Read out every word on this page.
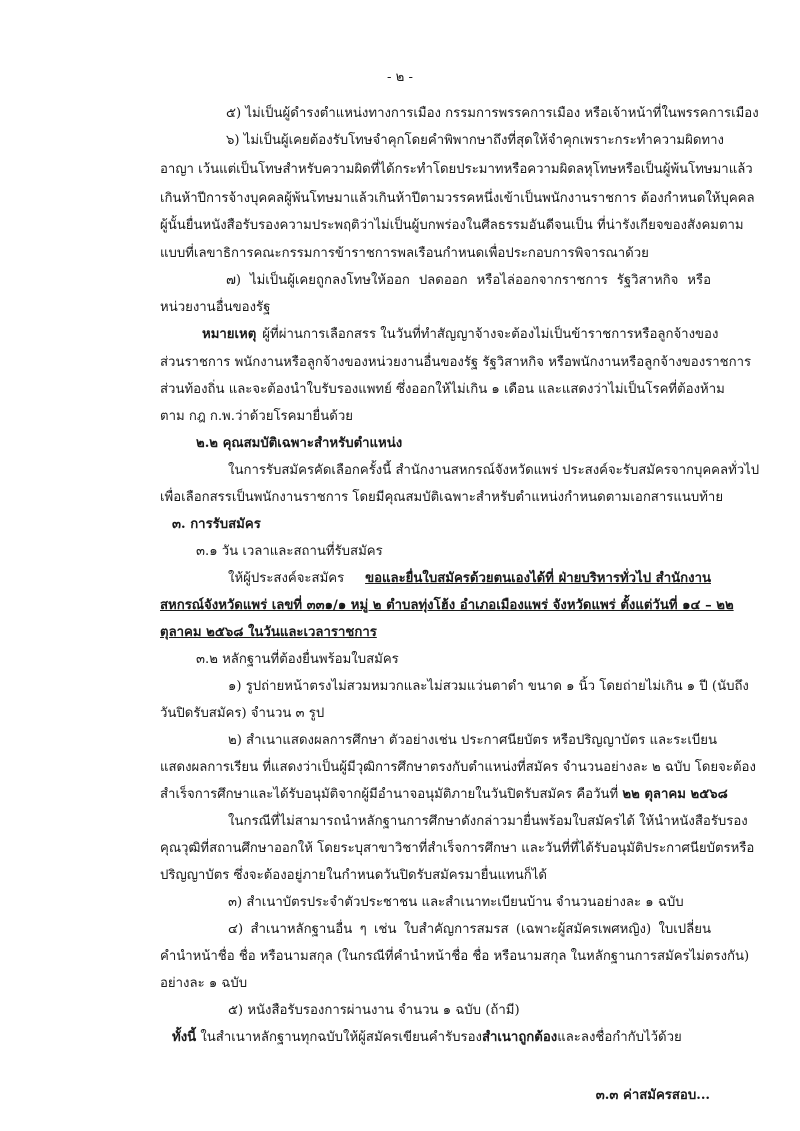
- ๒ -
๕) ไม่เป็นผู้ดำรงตำแหน่งทางการเมือง กรรมการพรรคการเมือง หรือเจ้าหน้าที่ในพรรคการเมือง
๖) ไม่เป็นผู้เคยต้องรับโทษจำคุกโดยคำพิพากษาถึงที่สุดให้จำคุกเพราะกระทำความผิดทาง
อาญา เว้นแต่เป็นโทษสำหรับความผิดที่ได้กระทำโดยประมาทหรือความผิดลหุโทษหรือเป็นผู้พ้นโทษมาแล้ว
เกินห้าปีการจ้างบุคคลผู้พ้นโทษมาแล้วเกินห้าปีตามวรรคหนึ่งเข้าเป็นพนักงานราชการ ต้องกำหนดให้บุคคล
ผู้นั้นยื่นหนังสือรับรองความประพฤติว่าไม่เป็นผู้บกพร่องในศีลธรรมอันดีจนเป็น ที่น่ารังเกียจของสังคมตาม
แบบที่เลขาธิการคณะกรรมการข้าราชการพลเรือนกำหนดเพื่อประกอบการพิจารณาด้วย
๗) ไม่เป็นผู้เคยถูกลงโทษให้ออก ปลดออก หรือไล่ออกจากราชการ รัฐวิสาหกิจ หรือ
หน่วยงานอื่นของรัฐ
หมายเหตุ ผู้ที่ผ่านการเลือกสรร ในวันที่ทำสัญญาจ้างจะต้องไม่เป็นข้าราชการหรือลูกจ้างของ
ส่วนราชการ พนักงานหรือลูกจ้างของหน่วยงานอื่นของรัฐ รัฐวิสาหกิจ หรือพนักงานหรือลูกจ้างของราชการ
ส่วนท้องถิ่น และจะต้องนำใบรับรองแพทย์ ซึ่งออกให้ไม่เกิน ๑ เดือน และแสดงว่าไม่เป็นโรคที่ต้องห้าม
ตาม กฎ ก.พ.ว่าด้วยโรคมายื่นด้วย
๒.๒ คุณสมบัติเฉพาะสำหรับตำแหน่ง
ในการรับสมัครคัดเลือกครั้งนี้ สำนักงานสหกรณ์จังหวัดแพร่ ประสงค์จะรับสมัครจากบุคคลทั่วไป
เพื่อเลือกสรรเป็นพนักงานราชการ โดยมีคุณสมบัติเฉพาะสำหรับตำแหน่งกำหนดตามเอกสารแนบท้าย
๓. การรับสมัคร
๓.๑ วัน เวลาและสถานที่รับสมัคร
ให้ผู้ประสงค์จะสมัคร ขอและยื่นใบสมัครด้วยตนเองได้ที่ ฝ่ายบริหารทั่วไป สำนักงาน
สหกรณ์จังหวัดแพร่ เลขที่ ๓๓๑/๑ หมู่ ๒ ตำบลทุ่งโฮ้ง อำเภอเมืองแพร่ จังหวัดแพร่ ตั้งแต่วันที่ ๑๔ – ๒๒
ตุลาคม ๒๕๖๘ ในวันและเวลาราชการ
๓.๒ หลักฐานที่ต้องยื่นพร้อมใบสมัคร
๑) รูปถ่ายหน้าตรงไม่สวมหมวกและไม่สวมแว่นตาดำ ขนาด ๑ นิ้ว โดยถ่ายไม่เกิน ๑ ปี (นับถึง
วันปิดรับสมัคร) จำนวน ๓ รูป
๒) สำเนาแสดงผลการศึกษา ตัวอย่างเช่น ประกาศนียบัตร หรือปริญญาบัตร และระเบียน
แสดงผลการเรียน ที่แสดงว่าเป็นผู้มีวุฒิการศึกษาตรงกับตำแหน่งที่สมัคร จำนวนอย่างละ ๒ ฉบับ โดยจะต้อง
สำเร็จการศึกษาและได้รับอนุมัติจากผู้มีอำนาจอนุมัติภายในวันปิดรับสมัคร คือวันที่ ๒๒ ตุลาคม ๒๕๖๘
ในกรณีที่ไม่สามารถนำหลักฐานการศึกษาดังกล่าวมายื่นพร้อมใบสมัครได้ ให้นำหนังสือรับรอง
คุณวุฒิที่สถานศึกษาออกให้ โดยระบุสาขาวิชาที่สำเร็จการศึกษา และวันที่ที่ได้รับอนุมัติประกาศนียบัตรหรือ
ปริญญาบัตร ซึ่งจะต้องอยู่ภายในกำหนดวันปิดรับสมัครมายื่นแทนก็ได้
๓) สำเนาบัตรประจำตัวประชาชน และสำเนาทะเบียนบ้าน จำนวนอย่างละ ๑ ฉบับ
๔) สำเนาหลักฐานอื่น ๆ เช่น ใบสำคัญการสมรส (เฉพาะผู้สมัครเพศหญิง) ใบเปลี่ยน
คำนำหน้าชื่อ ชื่อ หรือนามสกุล (ในกรณีที่คำนำหน้าชื่อ ชื่อ หรือนามสกุล ในหลักฐานการสมัครไม่ตรงกัน)
อย่างละ ๑ ฉบับ
๕) หนังสือรับรองการผ่านงาน จำนวน ๑ ฉบับ (ถ้ามี)
ทั้งนี้ ในสำเนาหลักฐานทุกฉบับให้ผู้สมัครเขียนคำรับรองสำเนาถูกต้องและลงชื่อกำกับไว้ด้วย
๓.๓ ค่าสมัครสอบ...
